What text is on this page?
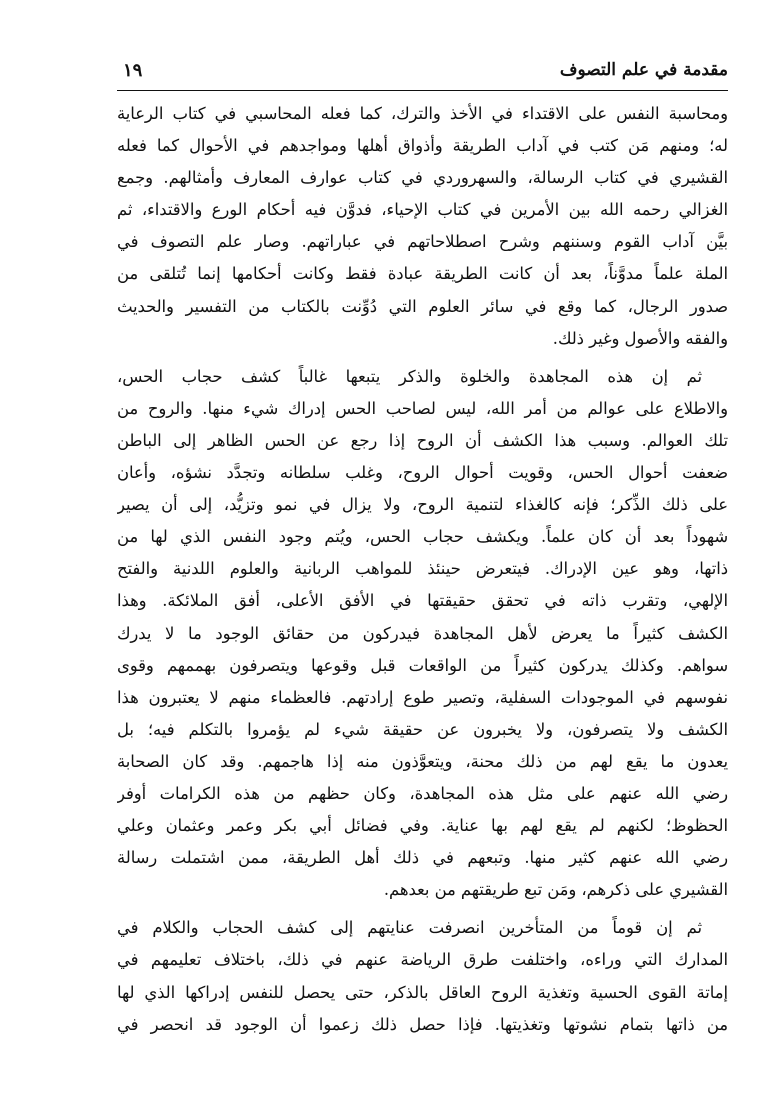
مقدمة في علم التصوف
١٩
ومحاسبة النفس على الاقتداء في الأخذ والترك، كما فعله المحاسبي في كتاب الرعاية
له؛ ومنهم مَن كتب في آداب الطريقة وأذواق أهلها ومواجدهم في الأحوال كما فعله
القشيري في كتاب الرسالة، والسهروردي في كتاب عوارف المعارف وأمثالهم. وجمع
الغزالي رحمه الله بين الأمرين في كتاب الإحياء، فدوَّن فيه أحكام الورع والاقتداء، ثم
بيَّن آداب القوم وسننهم وشرح اصطلاحاتهم في عباراتهم. وصار علم التصوف في
الملة علماً مدوَّناً، بعد أن كانت الطريقة عبادة فقط وكانت أحكامها إنما تُتلقى من
صدور الرجال، كما وقع في سائر العلوم التي دُوِّنت بالكتاب من التفسير والحديث
والفقه والأصول وغير ذلك.
ثم إن هذه المجاهدة والخلوة والذكر يتبعها غالباً كشف حجاب الحس،
والاطلاع على عوالم من أمر الله، ليس لصاحب الحس إدراك شيء منها. والروح من
تلك العوالم. وسبب هذا الكشف أن الروح إذا رجع عن الحس الظاهر إلى الباطن
ضعفت أحوال الحس، وقويت أحوال الروح، وغلب سلطانه وتجدَّد نشؤه، وأعان
على ذلك الذِّكر؛ فإنه كالغذاء لتنمية الروح، ولا يزال في نمو وتزيُّد، إلى أن يصير
شهوداً بعد أن كان علماً. ويكشف حجاب الحس، ويُتم وجود النفس الذي لها من
ذاتها، وهو عين الإدراك. فيتعرض حينئذ للمواهب الربانية والعلوم اللدنية والفتح
الإلهي، وتقرب ذاته في تحقق حقيقتها في الأفق الأعلى، أفق الملائكة. وهذا
الكشف كثيراً ما يعرض لأهل المجاهدة فيدركون من حقائق الوجود ما لا يدرك
سواهم. وكذلك يدركون كثيراً من الواقعات قبل وقوعها ويتصرفون بهممهم وقوى
نفوسهم في الموجودات السفلية، وتصير طوع إرادتهم. فالعظماء منهم لا يعتبرون هذا
الكشف ولا يتصرفون، ولا يخبرون عن حقيقة شيء لم يؤمروا بالتكلم فيه؛ بل
يعدون ما يقع لهم من ذلك محنة، ويتعوَّذون منه إذا هاجمهم. وقد كان الصحابة
رضي الله عنهم على مثل هذه المجاهدة، وكان حظهم من هذه الكرامات أوفر
الحظوظ؛ لكنهم لم يقع لهم بها عناية. وفي فضائل أبي بكر وعمر وعثمان وعلي
رضي الله عنهم كثير منها. وتبعهم في ذلك أهل الطريقة، ممن اشتملت رسالة
القشيري على ذكرهم، ومَن تبع طريقتهم من بعدهم.
ثم إن قوماً من المتأخرين انصرفت عنايتهم إلى كشف الحجاب والكلام في
المدارك التي وراءه، واختلفت طرق الرياضة عنهم في ذلك، باختلاف تعليمهم في
إماتة القوى الحسية وتغذية الروح العاقل بالذكر، حتى يحصل للنفس إدراكها الذي لها
من ذاتها بتمام نشوتها وتغذيتها. فإذا حصل ذلك زعموا أن الوجود قد انحصر في
